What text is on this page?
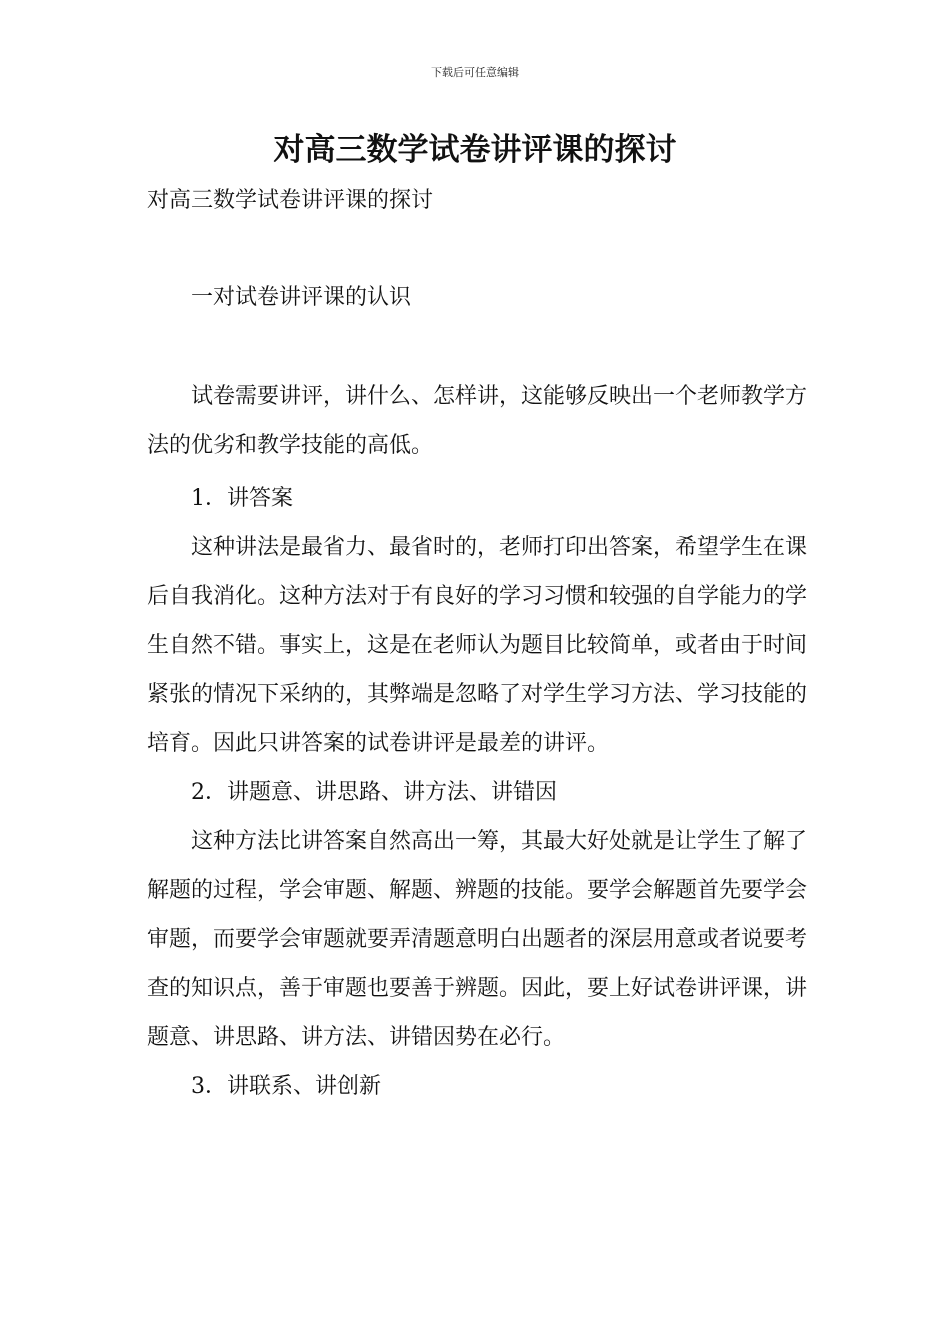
下载后可任意编辑
对高三数学试卷讲评课的探讨

对高三数学试卷讲评课的探讨

一对试卷讲评课的认识

试卷需要讲评，讲什么、怎样讲，这能够反映出一个老师教学方法的优劣和教学技能的高低。

1．讲答案

这种讲法是最省力、最省时的，老师打印出答案，希望学生在课后自我消化。这种方法对于有良好的学习习惯和较强的自学能力的学生自然不错。事实上，这是在老师认为题目比较简单，或者由于时间紧张的情况下采纳的，其弊端是忽略了对学生学习方法、学习技能的培育。因此只讲答案的试卷讲评是最差的讲评。

2．讲题意、讲思路、讲方法、讲错因

这种方法比讲答案自然高出一筹，其最大好处就是让学生了解了解题的过程，学会审题、解题、辨题的技能。要学会解题首先要学会审题，而要学会审题就要弄清题意明白出题者的深层用意或者说要考查的知识点，善于审题也要善于辨题。因此，要上好试卷讲评课，讲题意、讲思路、讲方法、讲错因势在必行。

3．讲联系、讲创新
